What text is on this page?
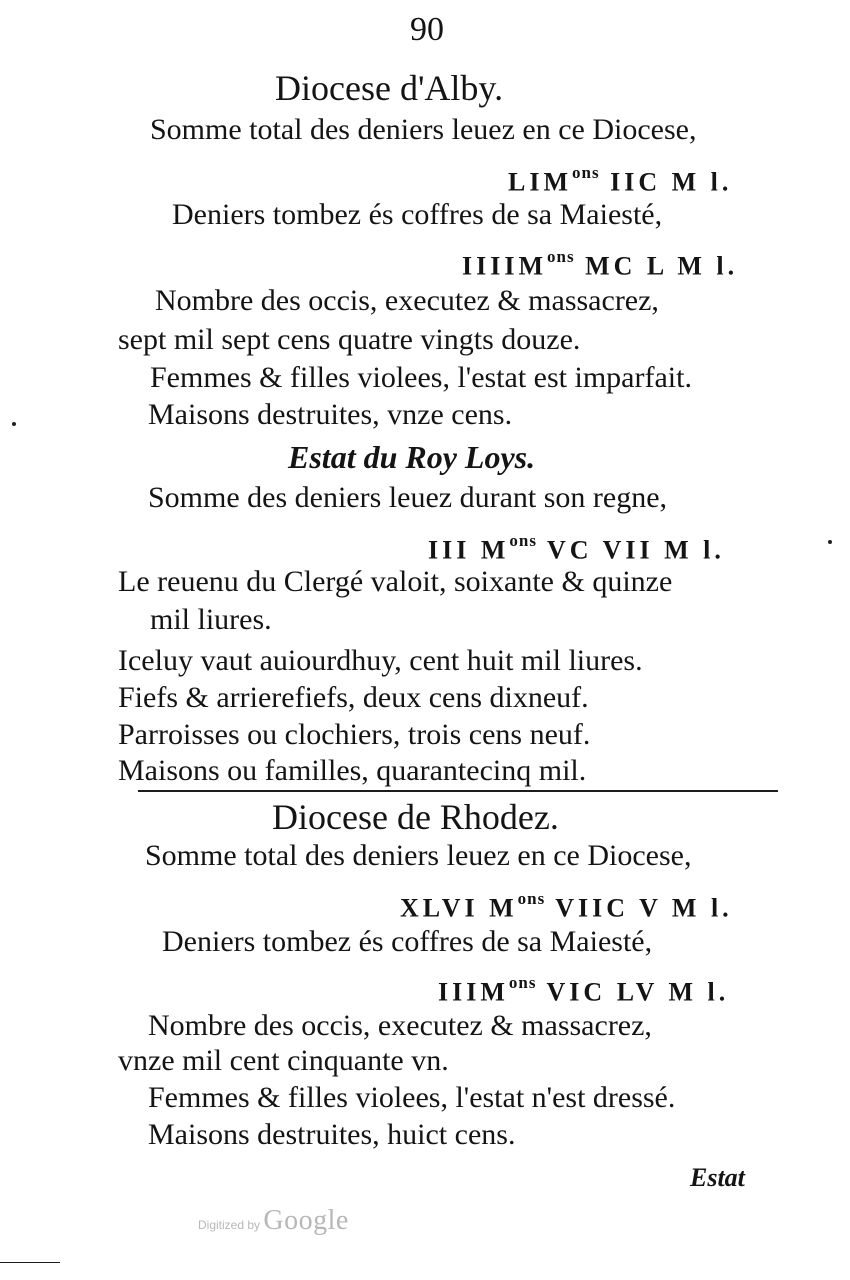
90
Diocese d'Alby.
Somme total des deniers leuez en ce Diocese,
$LIM^{ons}$ IIC M l.
Deniers tombez és coffres de sa Maiesté,
$IIIIM^{ons}$ MC L M l.
Nombre des occis, executez & massacrez,
sept mil sept cens quatre vingts douze.
Femmes & filles violees, l'estat est imparfait.
Maisons destruites, vnze cens.
Estat du Roy Loys.
Somme des deniers leuez durant son regne,
III $M^{ons}$ VC VII M l.
Le reuenu du Clergé valoit, soixante & quinze
mil liures.
Iceluy vaut auiourdhuy, cent huit mil liures.
Fiefs & arrierefiefs, deux cens dixneuf.
Parroisses ou clochiers, trois cens neuf.
Maisons ou familles, quarantecinq mil.
Diocese de Rhodez.
Somme total des deniers leuez en ce Diocese,
XLVI $M^{ons}$ VIIC V M l.
Deniers tombez és coffres de sa Maiesté,
$IIIM^{ons}$ VIC LV M l.
Nombre des occis, executez & massacrez,
vnze mil cent cinquante vn.
Femmes & filles violees, l'estat n'est dressé.
Maisons destruites, huict cens.
Estat
Digitized by Google
